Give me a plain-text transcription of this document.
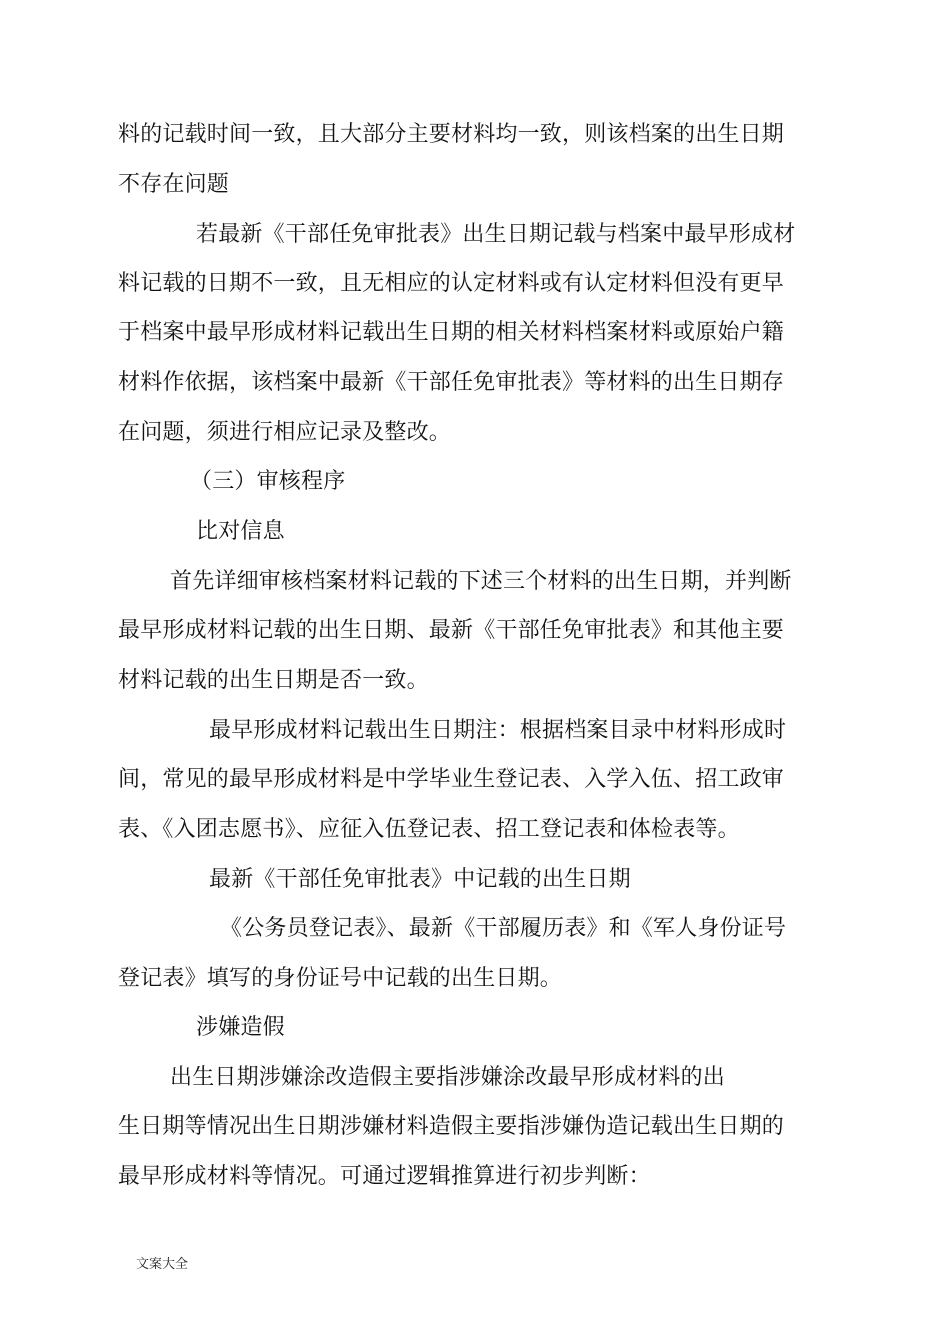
料的记载时间一致，且大部分主要材料均一致，则该档案的出生日期
不存在问题
若最新《干部任免审批表》出生日期记载与档案中最早形成材
料记载的日期不一致，且无相应的认定材料或有认定材料但没有更早
于档案中最早形成材料记载出生日期的相关材料档案材料或原始户籍
材料作依据，该档案中最新《干部任免审批表》等材料的出生日期存
在问题，须进行相应记录及整改。
（三）审核程序
比对信息
首先详细审核档案材料记载的下述三个材料的出生日期，并判断
最早形成材料记载的出生日期、最新《干部任免审批表》和其他主要
材料记载的出生日期是否一致。
最早形成材料记载出生日期注：根据档案目录中材料形成时
间，常见的最早形成材料是中学毕业生登记表、入学入伍、招工政审
表、《入团志愿书》、应征入伍登记表、招工登记表和体检表等。
最新《干部任免审批表》中记载的出生日期
《公务员登记表》、最新《干部履历表》和《军人身份证号
登记表》填写的身份证号中记载的出生日期。
涉嫌造假
出生日期涉嫌涂改造假主要指涉嫌涂改最早形成材料的出
生日期等情况出生日期涉嫌材料造假主要指涉嫌伪造记载出生日期的
最早形成材料等情况。可通过逻辑推算进行初步判断：
文案大全
